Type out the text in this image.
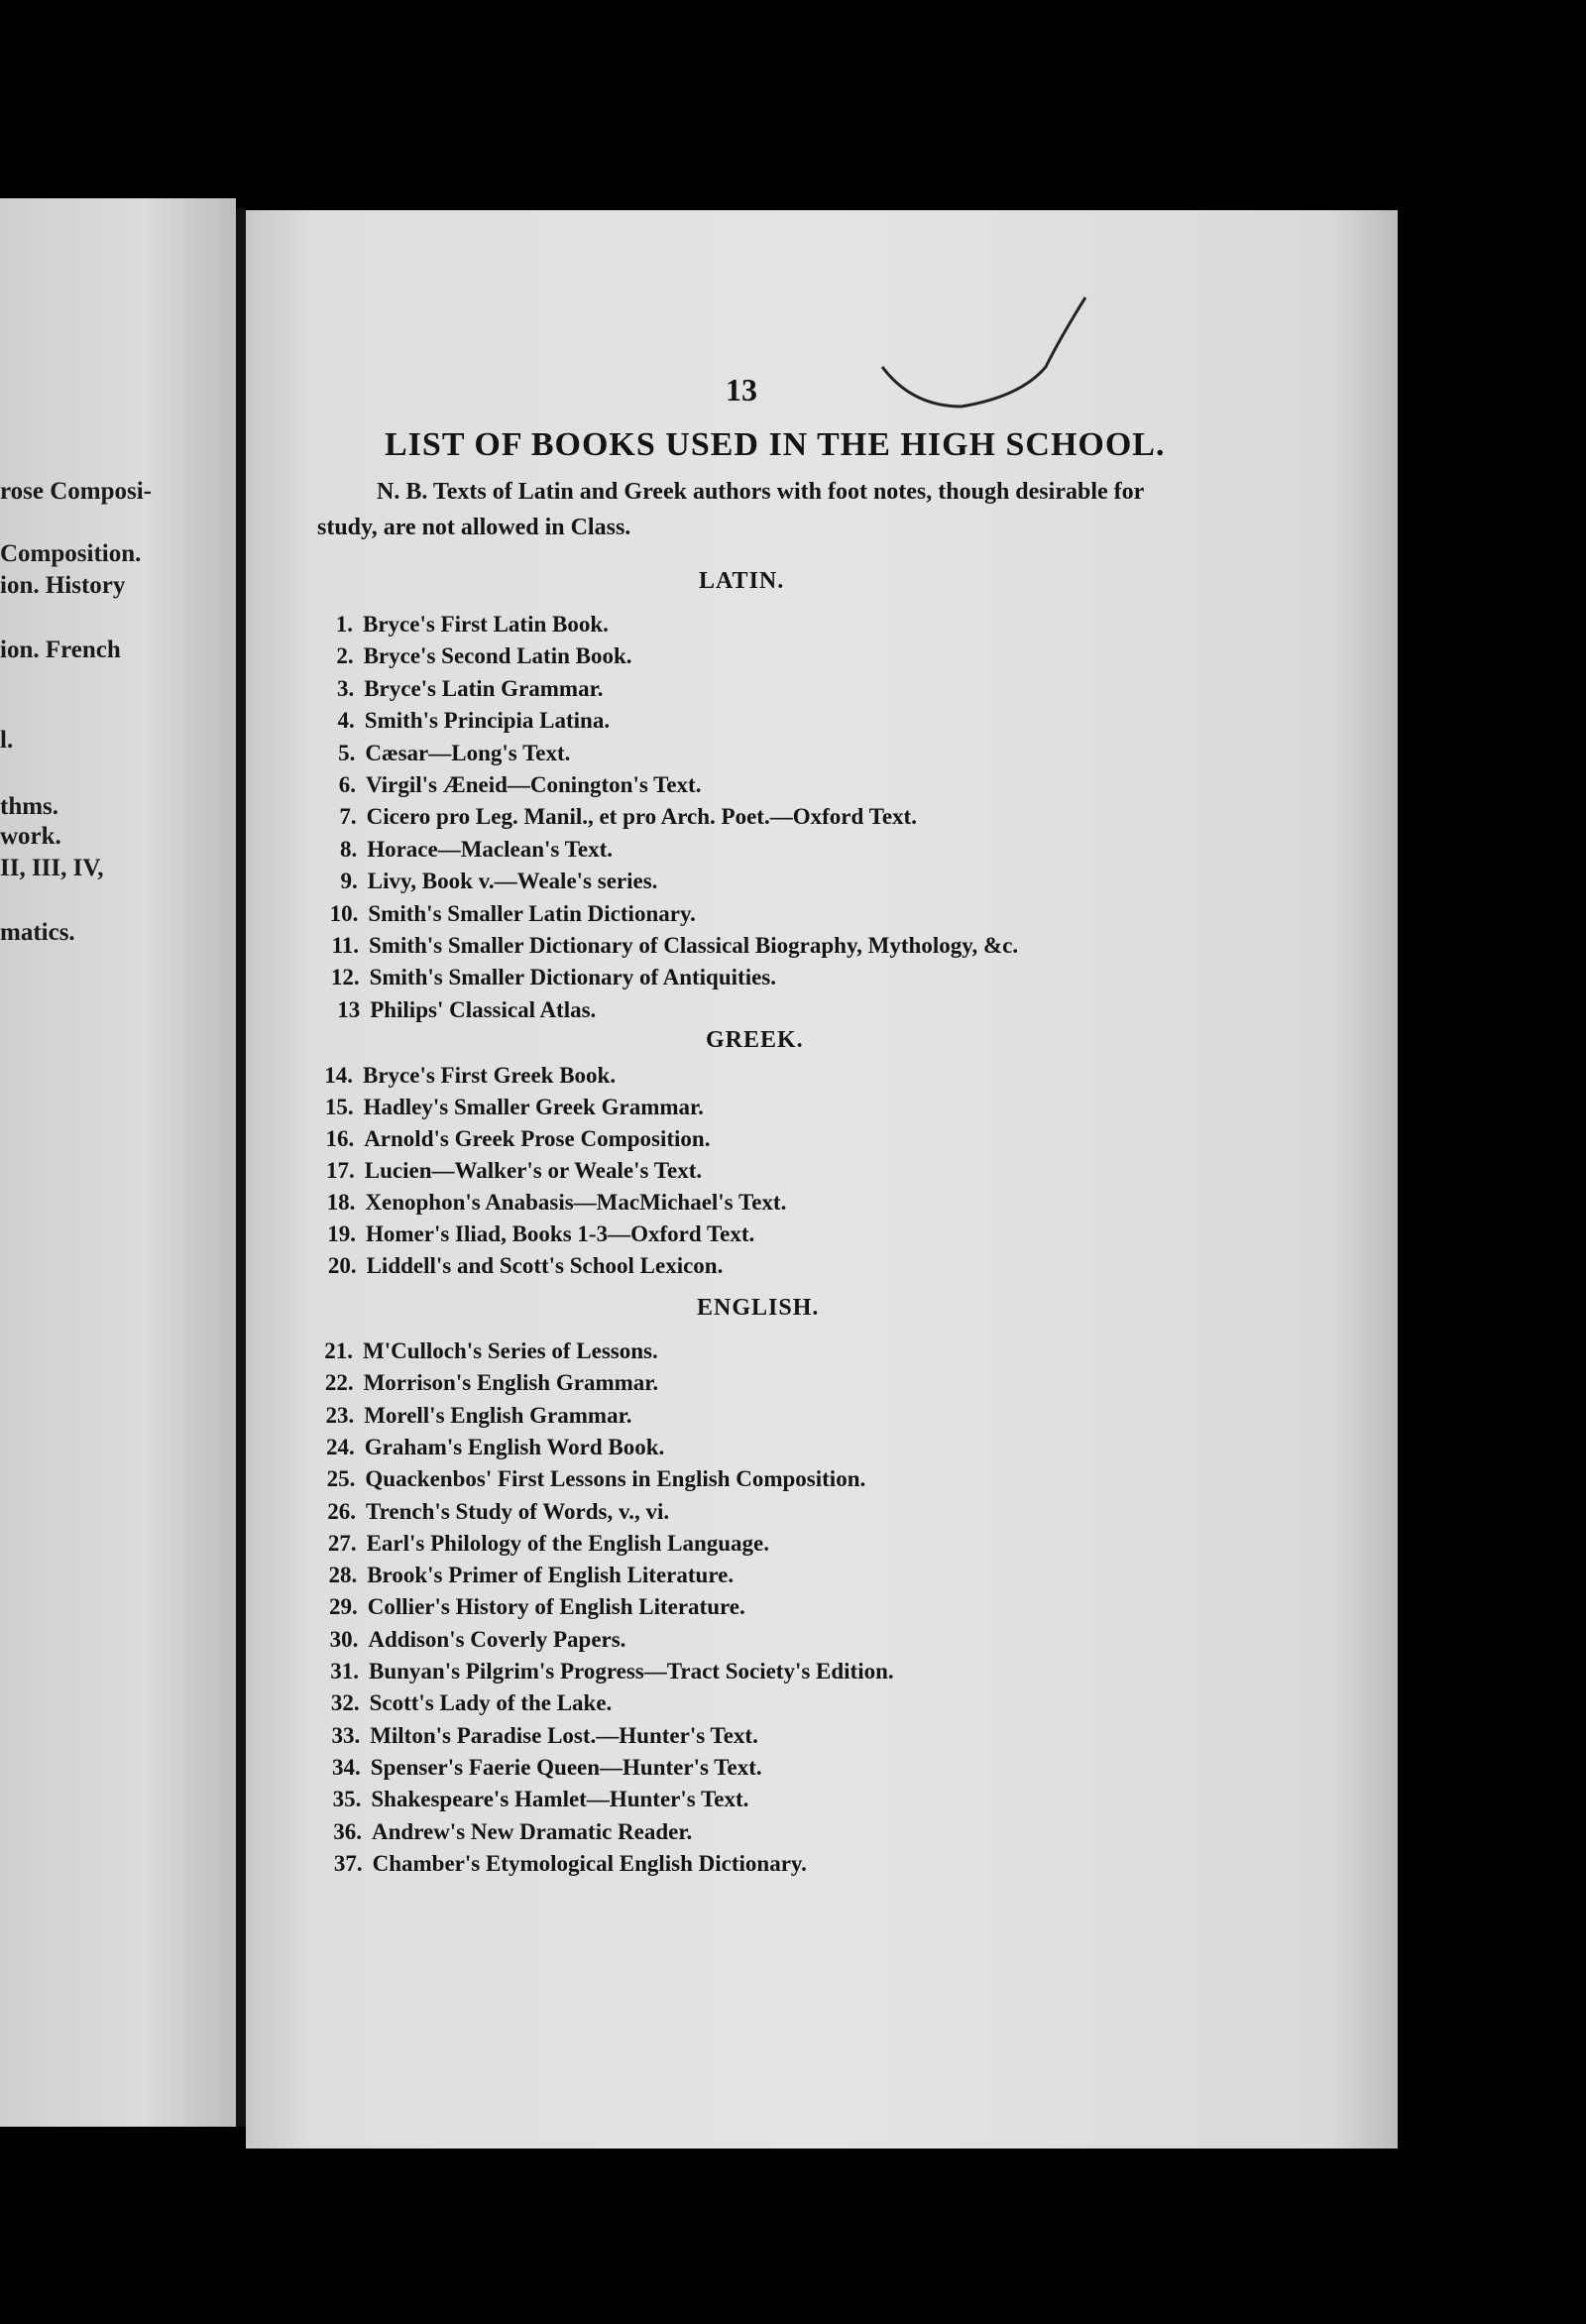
rose Composi-
Composition.
ion. History
ion. French
l.
thms.
work.
II, III, IV,
matics.
13
LIST OF BOOKS USED IN THE HIGH SCHOOL.
N. B. Texts of Latin and Greek authors with foot notes, though desirable for study, are not allowed in Class.
LATIN.
1. Bryce's First Latin Book.
2. Bryce's Second Latin Book.
3. Bryce's Latin Grammar.
4. Smith's Principia Latina.
5. Cæsar—Long's Text.
6. Virgil's Æneid—Conington's Text.
7. Cicero pro Leg. Manil., et pro Arch. Poet.—Oxford Text.
8. Horace—Maclean's Text.
9. Livy, Book v.—Weale's series.
10. Smith's Smaller Latin Dictionary.
11. Smith's Smaller Dictionary of Classical Biography, Mythology, &c.
12. Smith's Smaller Dictionary of Antiquities.
13 Philips' Classical Atlas.
GREEK.
14. Bryce's First Greek Book.
15. Hadley's Smaller Greek Grammar.
16. Arnold's Greek Prose Composition.
17. Lucien—Walker's or Weale's Text.
18. Xenophon's Anabasis—MacMichael's Text.
19. Homer's Iliad, Books 1-3—Oxford Text.
20. Liddell's and Scott's School Lexicon.
ENGLISH.
21. M'Culloch's Series of Lessons.
22. Morrison's English Grammar.
23. Morell's English Grammar.
24. Graham's English Word Book.
25. Quackenbos' First Lessons in English Composition.
26. Trench's Study of Words, v., vi.
27. Earl's Philology of the English Language.
28. Brook's Primer of English Literature.
29. Collier's History of English Literature.
30. Addison's Coverly Papers.
31. Bunyan's Pilgrim's Progress—Tract Society's Edition.
32. Scott's Lady of the Lake.
33. Milton's Paradise Lost.—Hunter's Text.
34. Spenser's Faerie Queen—Hunter's Text.
35. Shakespeare's Hamlet—Hunter's Text.
36. Andrew's New Dramatic Reader.
37. Chamber's Etymological English Dictionary.
